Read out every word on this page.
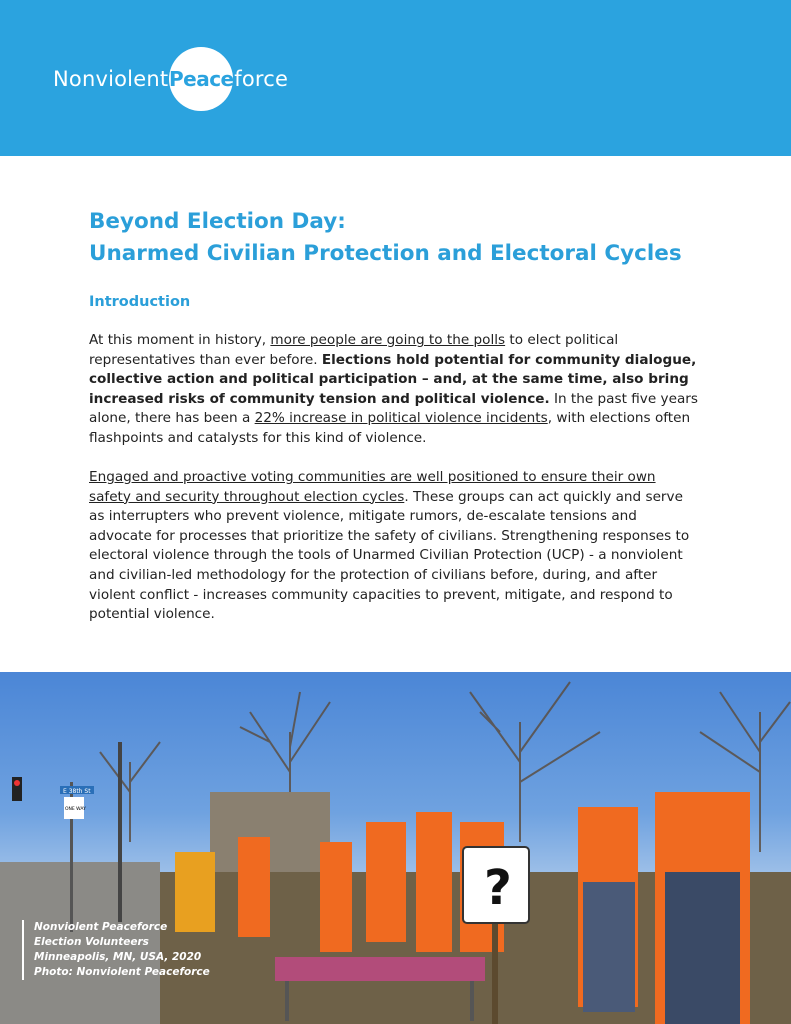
Nonviolent Peace force
Beyond Election Day:
Unarmed Civilian Protection and Electoral Cycles
Introduction
At this moment in history, more people are going to the polls to elect political representatives than ever before. Elections hold potential for community dialogue, collective action and political participation – and, at the same time, also bring increased risks of community tension and political violence. In the past five years alone, there has been a 22% increase in political violence incidents, with elections often flashpoints and catalysts for this kind of violence.
Engaged and proactive voting communities are well positioned to ensure their own safety and security throughout election cycles. These groups can act quickly and serve as interrupters who prevent violence, mitigate rumors, de-escalate tensions and advocate for processes that prioritize the safety of civilians. Strengthening responses to electoral violence through the tools of Unarmed Civilian Protection (UCP) - a nonviolent and civilian-led methodology for the protection of civilians before, during, and after violent conflict - increases community capacities to prevent, mitigate, and respond to potential violence.
E 38th St
ONE WAY
?
Nonviolent Peaceforce
Election Volunteers
Minneapolis, MN, USA, 2020
Photo: Nonviolent Peaceforce
